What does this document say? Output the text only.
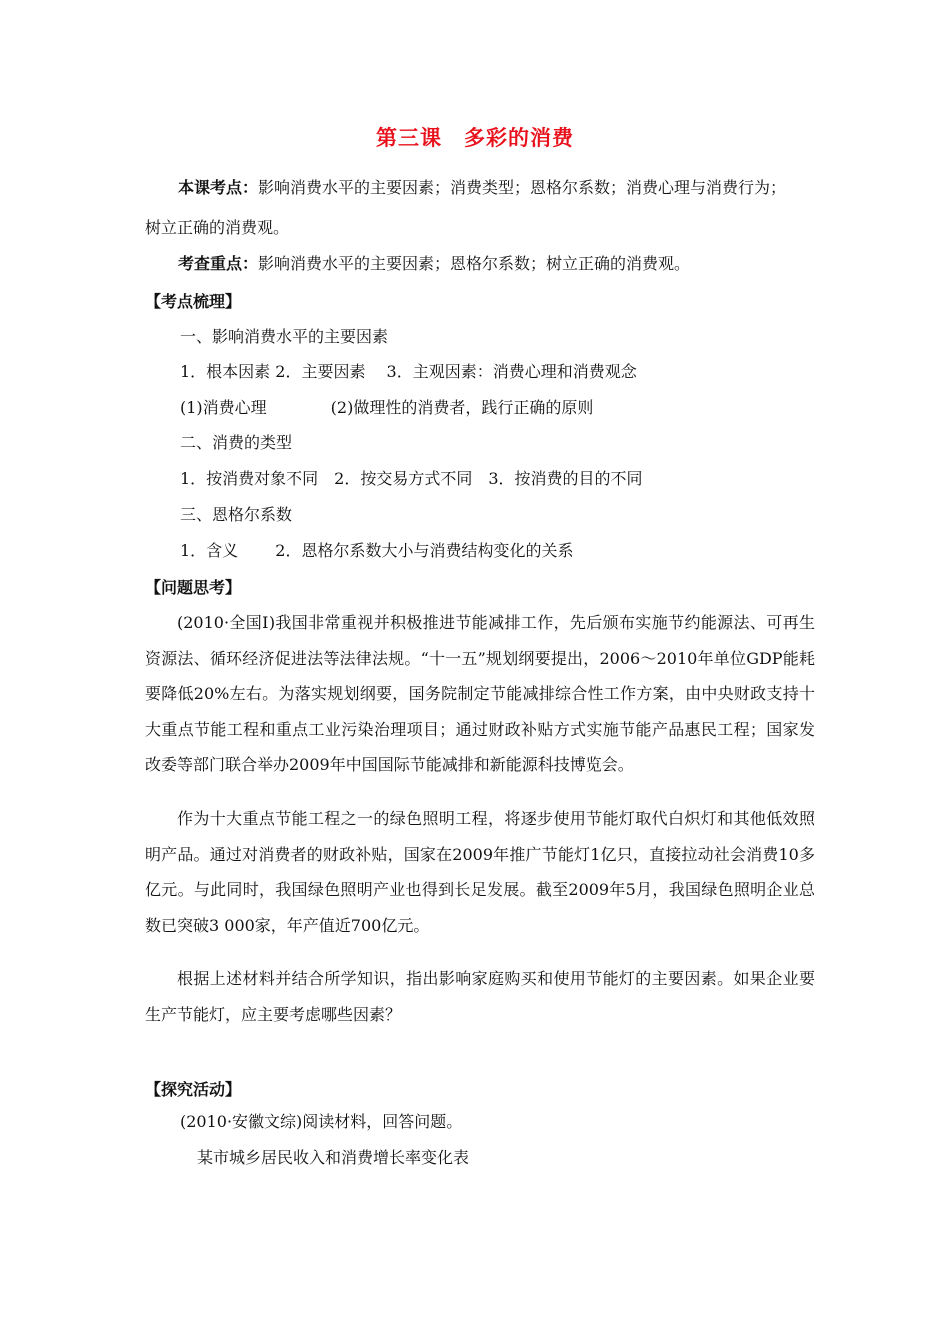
第三课　多彩的消费
本课考点：影响消费水平的主要因素；消费类型；恩格尔系数；消费心理与消费行为；
树立正确的消费观。
考查重点：影响消费水平的主要因素；恩格尔系数；树立正确的消费观。
【考点梳理】
一、影响消费水平的主要因素
1．根本因素 2．主要因素　 3．主观因素：消费心理和消费观念
(1)消费心理　　　　(2)做理性的消费者，践行正确的原则
二、消费的类型
1．按消费对象不同　2．按交易方式不同　3．按消费的目的不同
三、恩格尔系数
1．含义　　 2．恩格尔系数大小与消费结构变化的关系
【问题思考】
(2010·全国Ⅰ)我国非常重视并积极推进节能减排工作，先后颁布实施节约能源法、可再生资源法、循环经济促进法等法律法规。“十一五”规划纲要提出，2006～2010年单位GDP能耗要降低20%左右。为落实规划纲要，国务院制定节能减排综合性工作方案，由中央财政支持十大重点节能工程和重点工业污染治理项目；通过财政补贴方式实施节能产品惠民工程；国家发改委等部门联合举办2009年中国国际节能减排和新能源科技博览会。
作为十大重点节能工程之一的绿色照明工程，将逐步使用节能灯取代白炽灯和其他低效照明产品。通过对消费者的财政补贴，国家在2009年推广节能灯1亿只，直接拉动社会消费10多亿元。与此同时，我国绿色照明产业也得到长足发展。截至2009年5月，我国绿色照明企业总数已突破3 000家，年产值近700亿元。
根据上述材料并结合所学知识，指出影响家庭购买和使用节能灯的主要因素。如果企业要生产节能灯，应主要考虑哪些因素？
【探究活动】
(2010·安徽文综)阅读材料，回答问题。
某市城乡居民收入和消费增长率变化表
